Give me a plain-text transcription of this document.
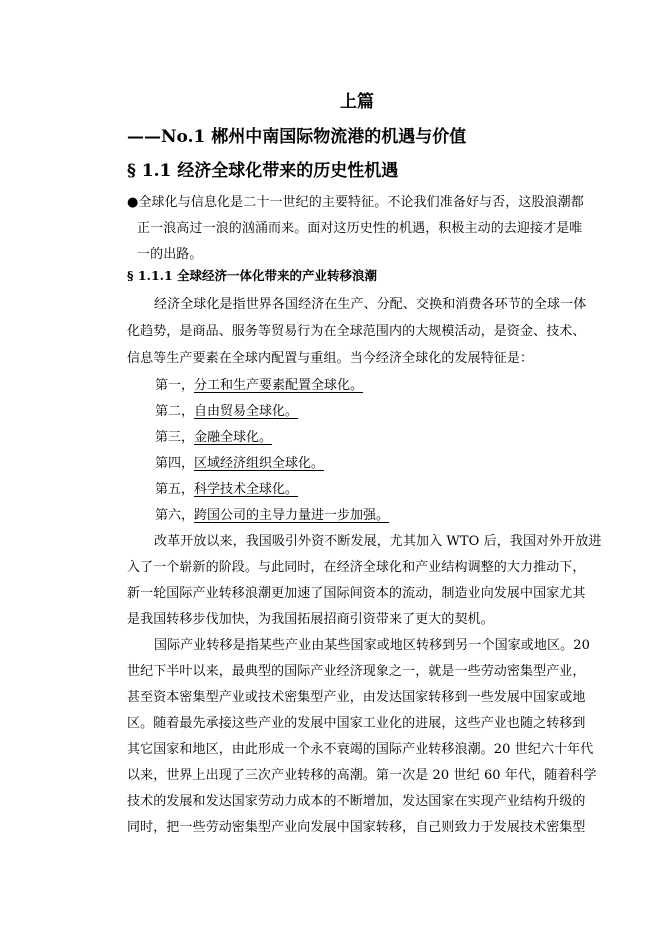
上篇
——No.1 郴州中南国际物流港的机遇与价值
§ 1.1 经济全球化带来的历史性机遇
●全球化与信息化是二十一世纪的主要特征。不论我们准备好与否，这股浪潮都
正一浪高过一浪的汹涌而来。面对这历史性的机遇，积极主动的去迎接才是唯
一的出路。
§ 1.1.1 全球经济一体化带来的产业转移浪潮
经济全球化是指世界各国经济在生产、分配、交换和消费各环节的全球一体
化趋势，是商品、服务等贸易行为在全球范围内的大规模活动，是资金、技术、
信息等生产要素在全球内配置与重组。当今经济全球化的发展特征是：
第一，分工和生产要素配置全球化。
第二，自由贸易全球化。
第三，金融全球化。
第四，区域经济组织全球化。
第五，科学技术全球化。
第六，跨国公司的主导力量进一步加强。
改革开放以来，我国吸引外资不断发展，尤其加入 WTO 后，我国对外开放进
入了一个崭新的阶段。与此同时，在经济全球化和产业结构调整的大力推动下，
新一轮国际产业转移浪潮更加速了国际间资本的流动，制造业向发展中国家尤其
是我国转移步伐加快，为我国拓展招商引资带来了更大的契机。
国际产业转移是指某些产业由某些国家或地区转移到另一个国家或地区。20
世纪下半叶以来，最典型的国际产业经济现象之一，就是一些劳动密集型产业，
甚至资本密集型产业或技术密集型产业，由发达国家转移到一些发展中国家或地
区。随着最先承接这些产业的发展中国家工业化的进展，这些产业也随之转移到
其它国家和地区，由此形成一个永不衰竭的国际产业转移浪潮。20 世纪六十年代
以来，世界上出现了三次产业转移的高潮。第一次是 20 世纪 60 年代，随着科学
技术的发展和发达国家劳动力成本的不断增加，发达国家在实现产业结构升级的
同时，把一些劳动密集型产业向发展中国家转移，自己则致力于发展技术密集型
